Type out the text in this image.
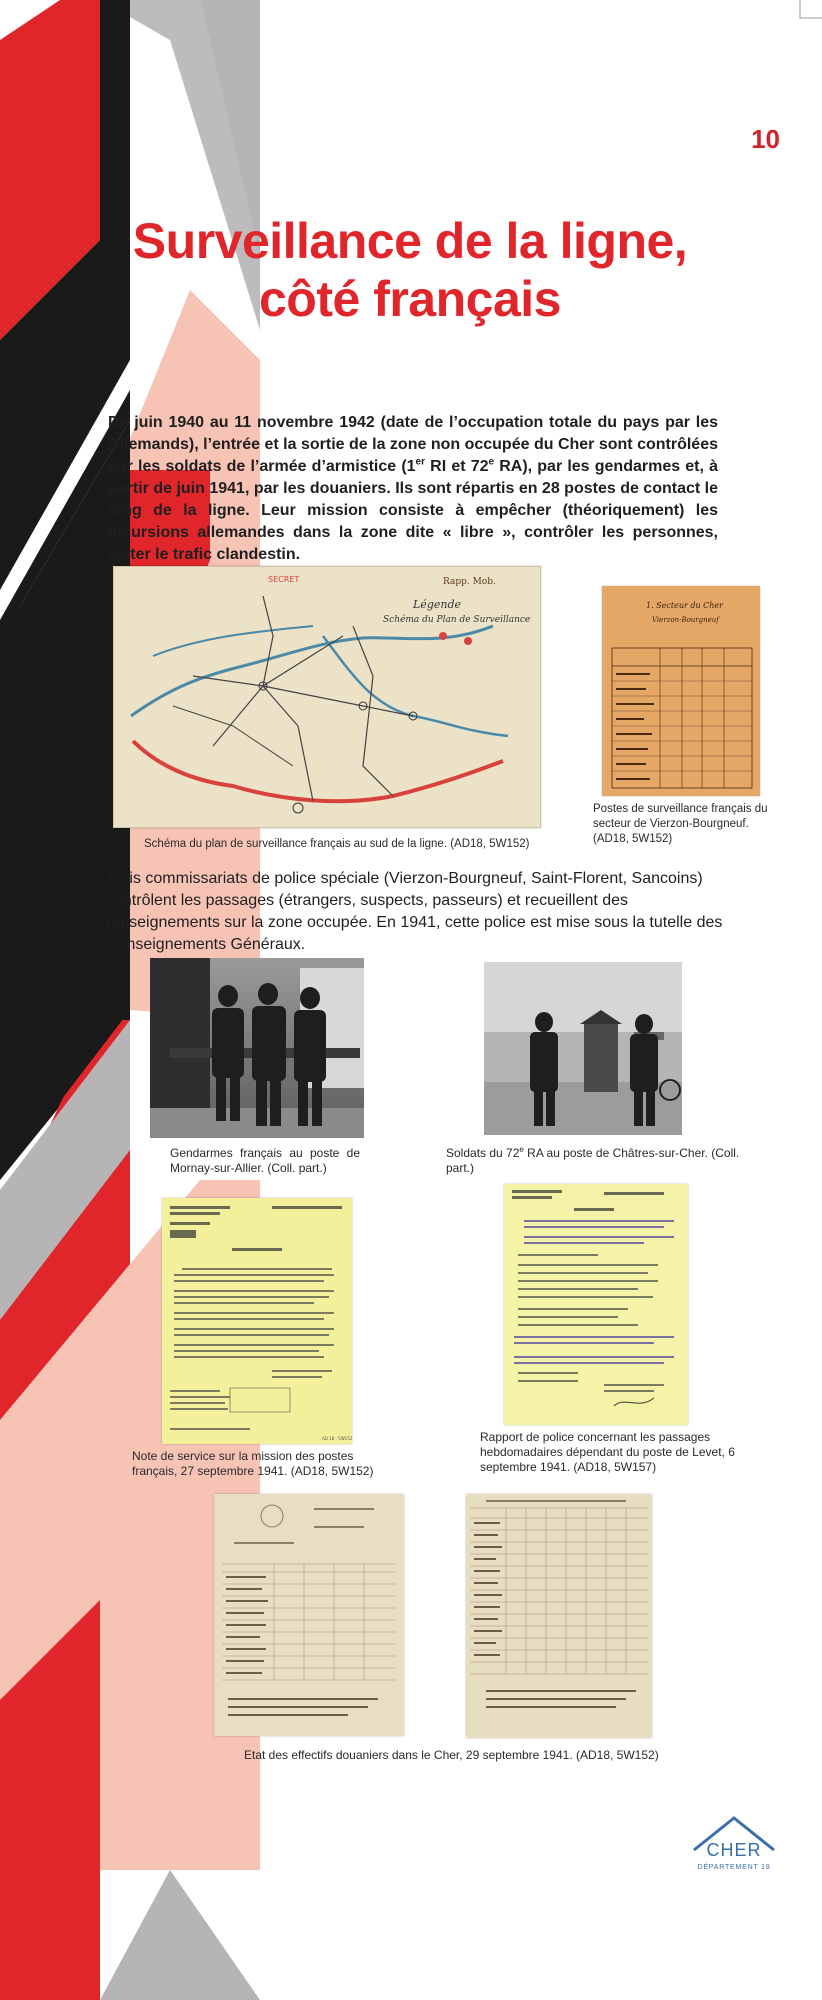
10
Surveillance de la ligne,
côté français
De juin 1940 au 11 novembre 1942 (date de l’occupation totale du pays par les Allemands), l’entrée et la sortie de la zone non occupée du Cher sont contrôlées par les soldats de l’armée d’armistice (1er RI et 72e RA), par les gendarmes et, à partir de juin 1941, par les douaniers. Ils sont répartis en 28 postes de contact le long de la ligne. Leur mission consiste à empêcher (théoriquement) les incursions allemandes dans la zone dite « libre », contrôler les personnes, éviter le trafic clandestin.
Rapp. Mob.
Légende
Schéma du Plan de Surveillance
SECRET
Schéma du plan de surveillance français au sud de la ligne. (AD18, 5W152)
1. Secteur du Cher
Vierzon-Bourgneuf
Postes de surveillance français du secteur de Vierzon-Bourgneuf. (AD18, 5W152)
Trois commissariats de police spéciale (Vierzon-Bourgneuf, Saint-Florent, Sancoins) contrôlent les passages (étrangers, suspects, passeurs) et recueillent des renseignements sur la zone occupée. En 1941, cette police est mise sous la tutelle des Renseignements Généraux.
Gendarmes français au poste de Mornay-sur-Allier. (Coll. part.)
Soldats du 72e RA au poste de Châtres-sur-Cher. (Coll. part.)
AD 18 - 5W152
Note de service sur la mission des postes français, 27 septembre 1941. (AD18, 5W152)
Rapport de police concernant les passages hebdomadaires dépendant du poste de Levet, 6 septembre 1941. (AD18, 5W157)
Etat des effectifs douaniers dans le Cher, 29 septembre 1941. (AD18, 5W152)
CHER
DÉPARTEMENT 18
